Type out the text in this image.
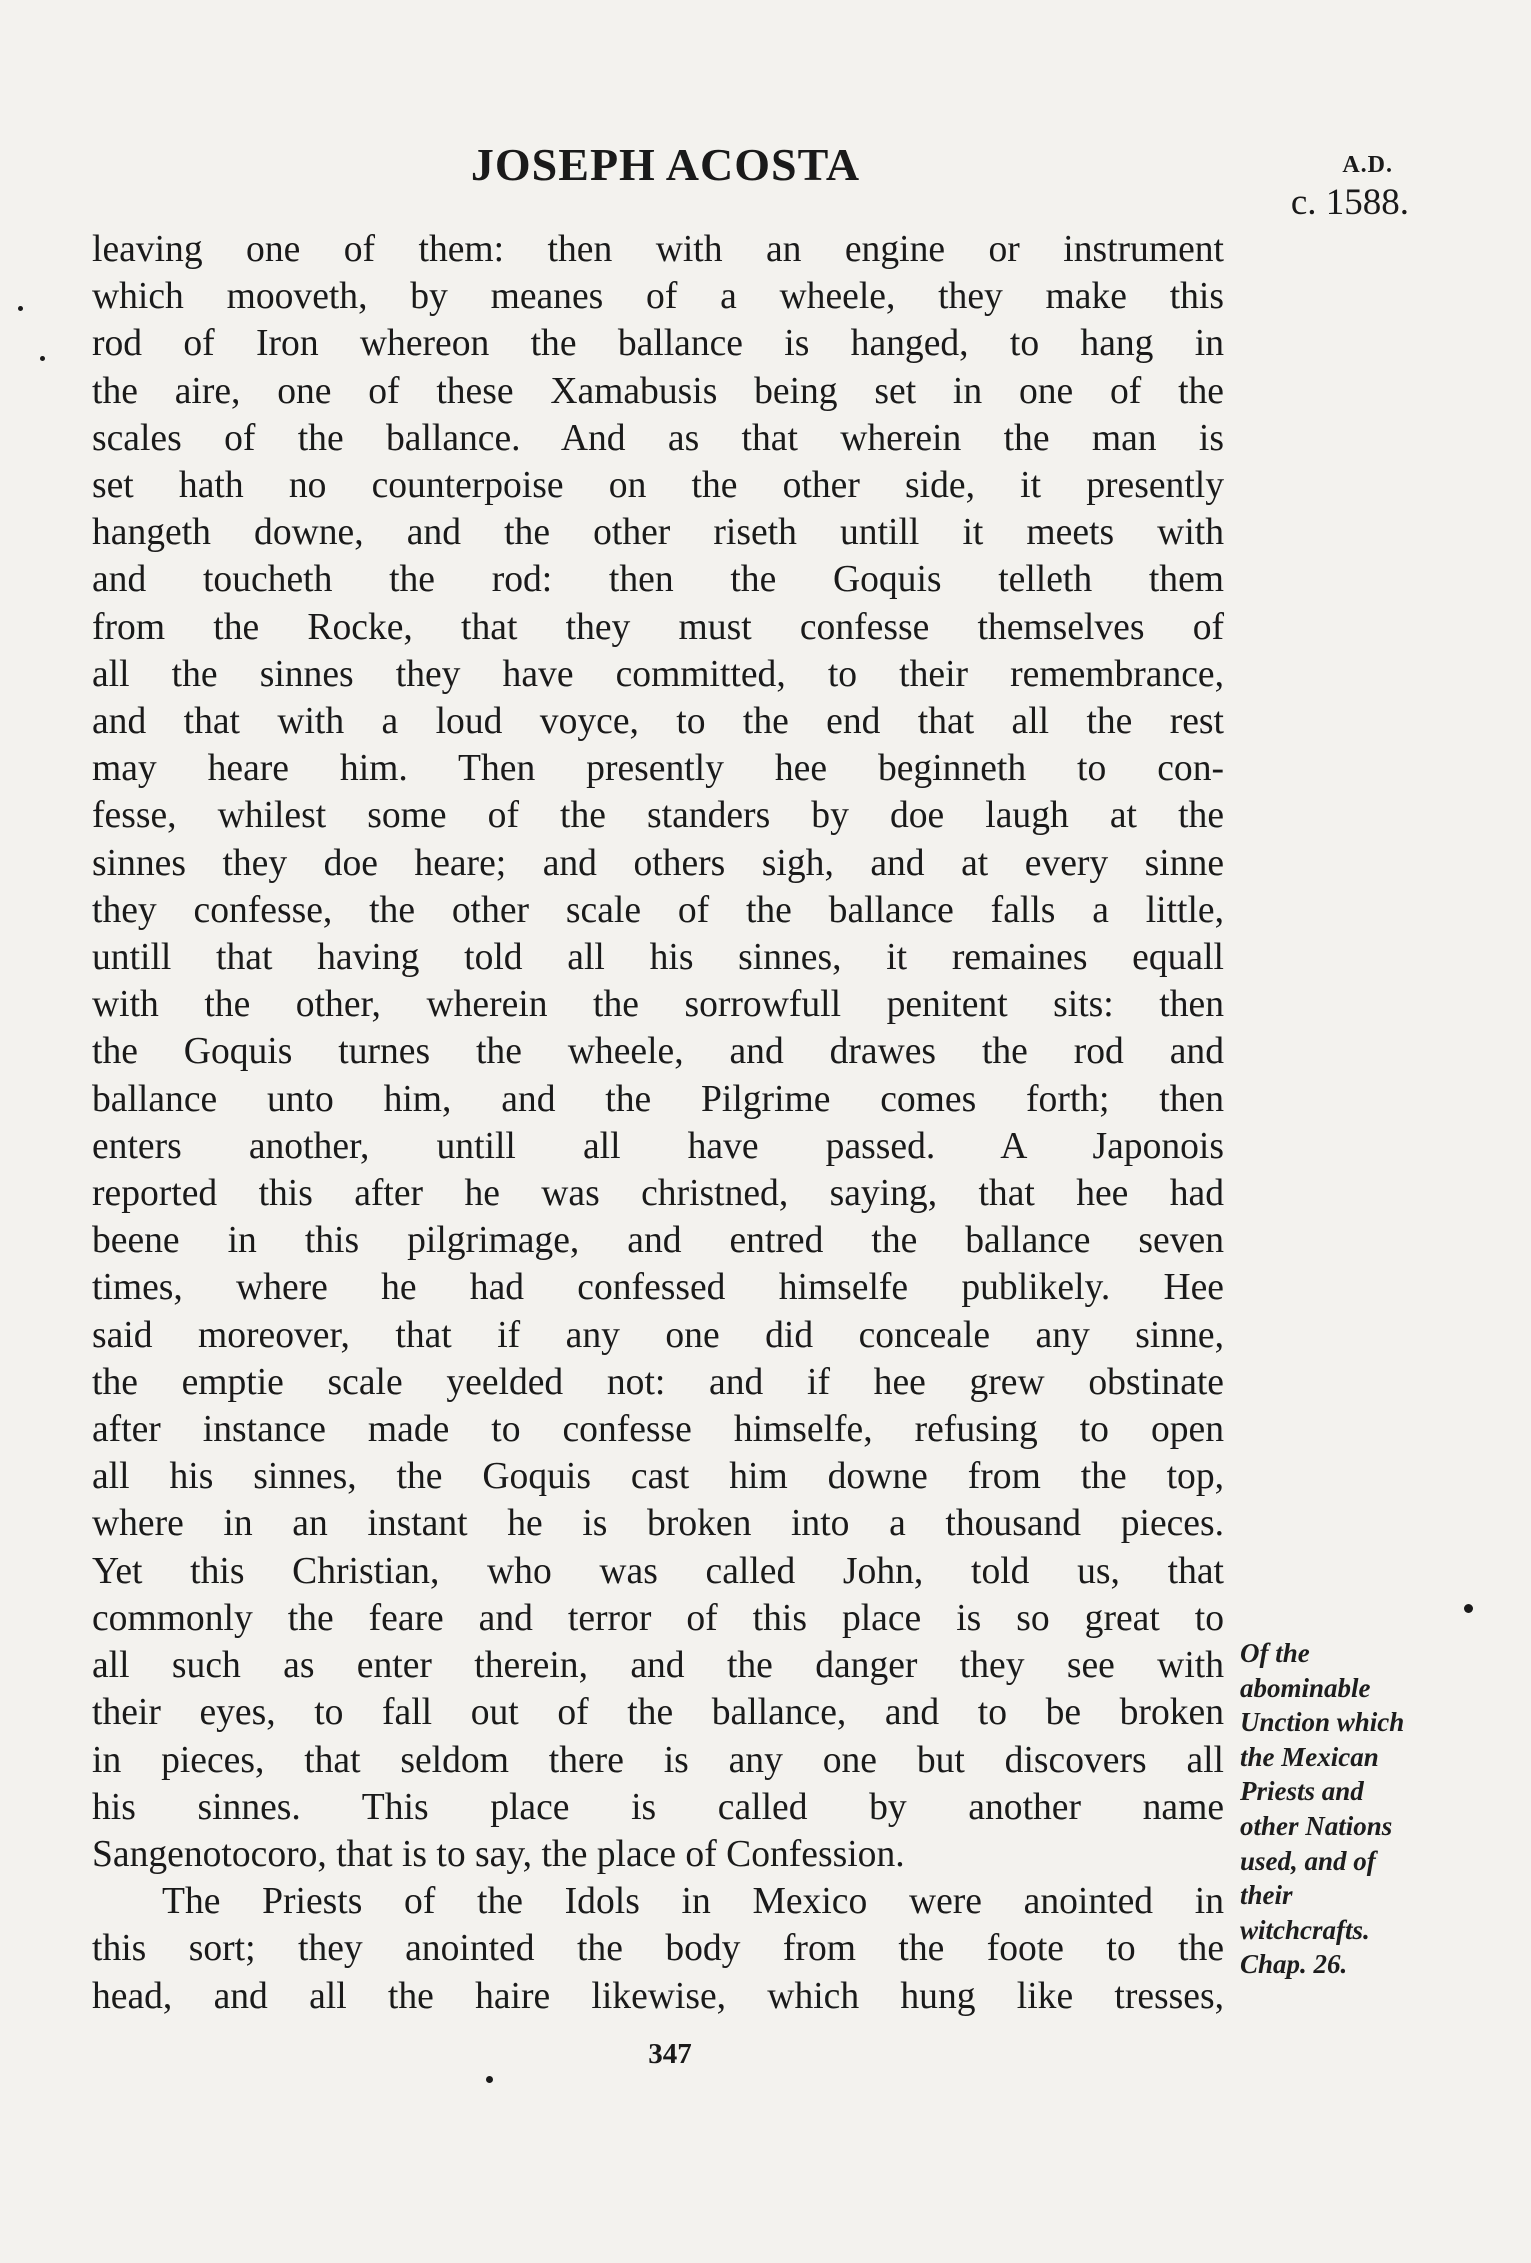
JOSEPH ACOSTA	A.D.
c. 1588.
leaving one of them: then with an engine or instrument
which mooveth, by meanes of a wheele, they make this
rod of Iron whereon the ballance is hanged, to hang in
the aire, one of these Xamabusis being set in one of the
scales of the ballance. And as that wherein the man is
set hath no counterpoise on the other side, it presently
hangeth downe, and the other riseth untill it meets with
and toucheth the rod: then the Goquis telleth them
from the Rocke, that they must confesse themselves of
all the sinnes they have committed, to their remembrance,
and that with a loud voyce, to the end that all the rest
may heare him. Then presently hee beginneth to con-
fesse, whilest some of the standers by doe laugh at the
sinnes they doe heare; and others sigh, and at every sinne
they confesse, the other scale of the ballance falls a little,
untill that having told all his sinnes, it remaines equall
with the other, wherein the sorrowfull penitent sits: then
the Goquis turnes the wheele, and drawes the rod and
ballance unto him, and the Pilgrime comes forth; then
enters another, untill all have passed. A Japonois
reported this after he was christned, saying, that hee had
beene in this pilgrimage, and entred the ballance seven
times, where he had confessed himselfe publikely. Hee
said moreover, that if any one did conceale any sinne,
the emptie scale yeelded not: and if hee grew obstinate
after instance made to confesse himselfe, refusing to open
all his sinnes, the Goquis cast him downe from the top,
where in an instant he is broken into a thousand pieces.
Yet this Christian, who was called John, told us, that
commonly the feare and terror of this place is so great to
all such as enter therein, and the danger they see with
their eyes, to fall out of the ballance, and to be broken
in pieces, that seldom there is any one but discovers all
his sinnes. This place is called by another name
Sangenotocoro, that is to say, the place of Confession.
The Priests of the Idols in Mexico were anointed in
this sort; they anointed the body from the foote to the
head, and all the haire likewise, which hung like tresses,
Of the
abominable
Unction which
the Mexican
Priests and
other Nations
used, and of
their
witchcrafts.
Chap. 26.
347
